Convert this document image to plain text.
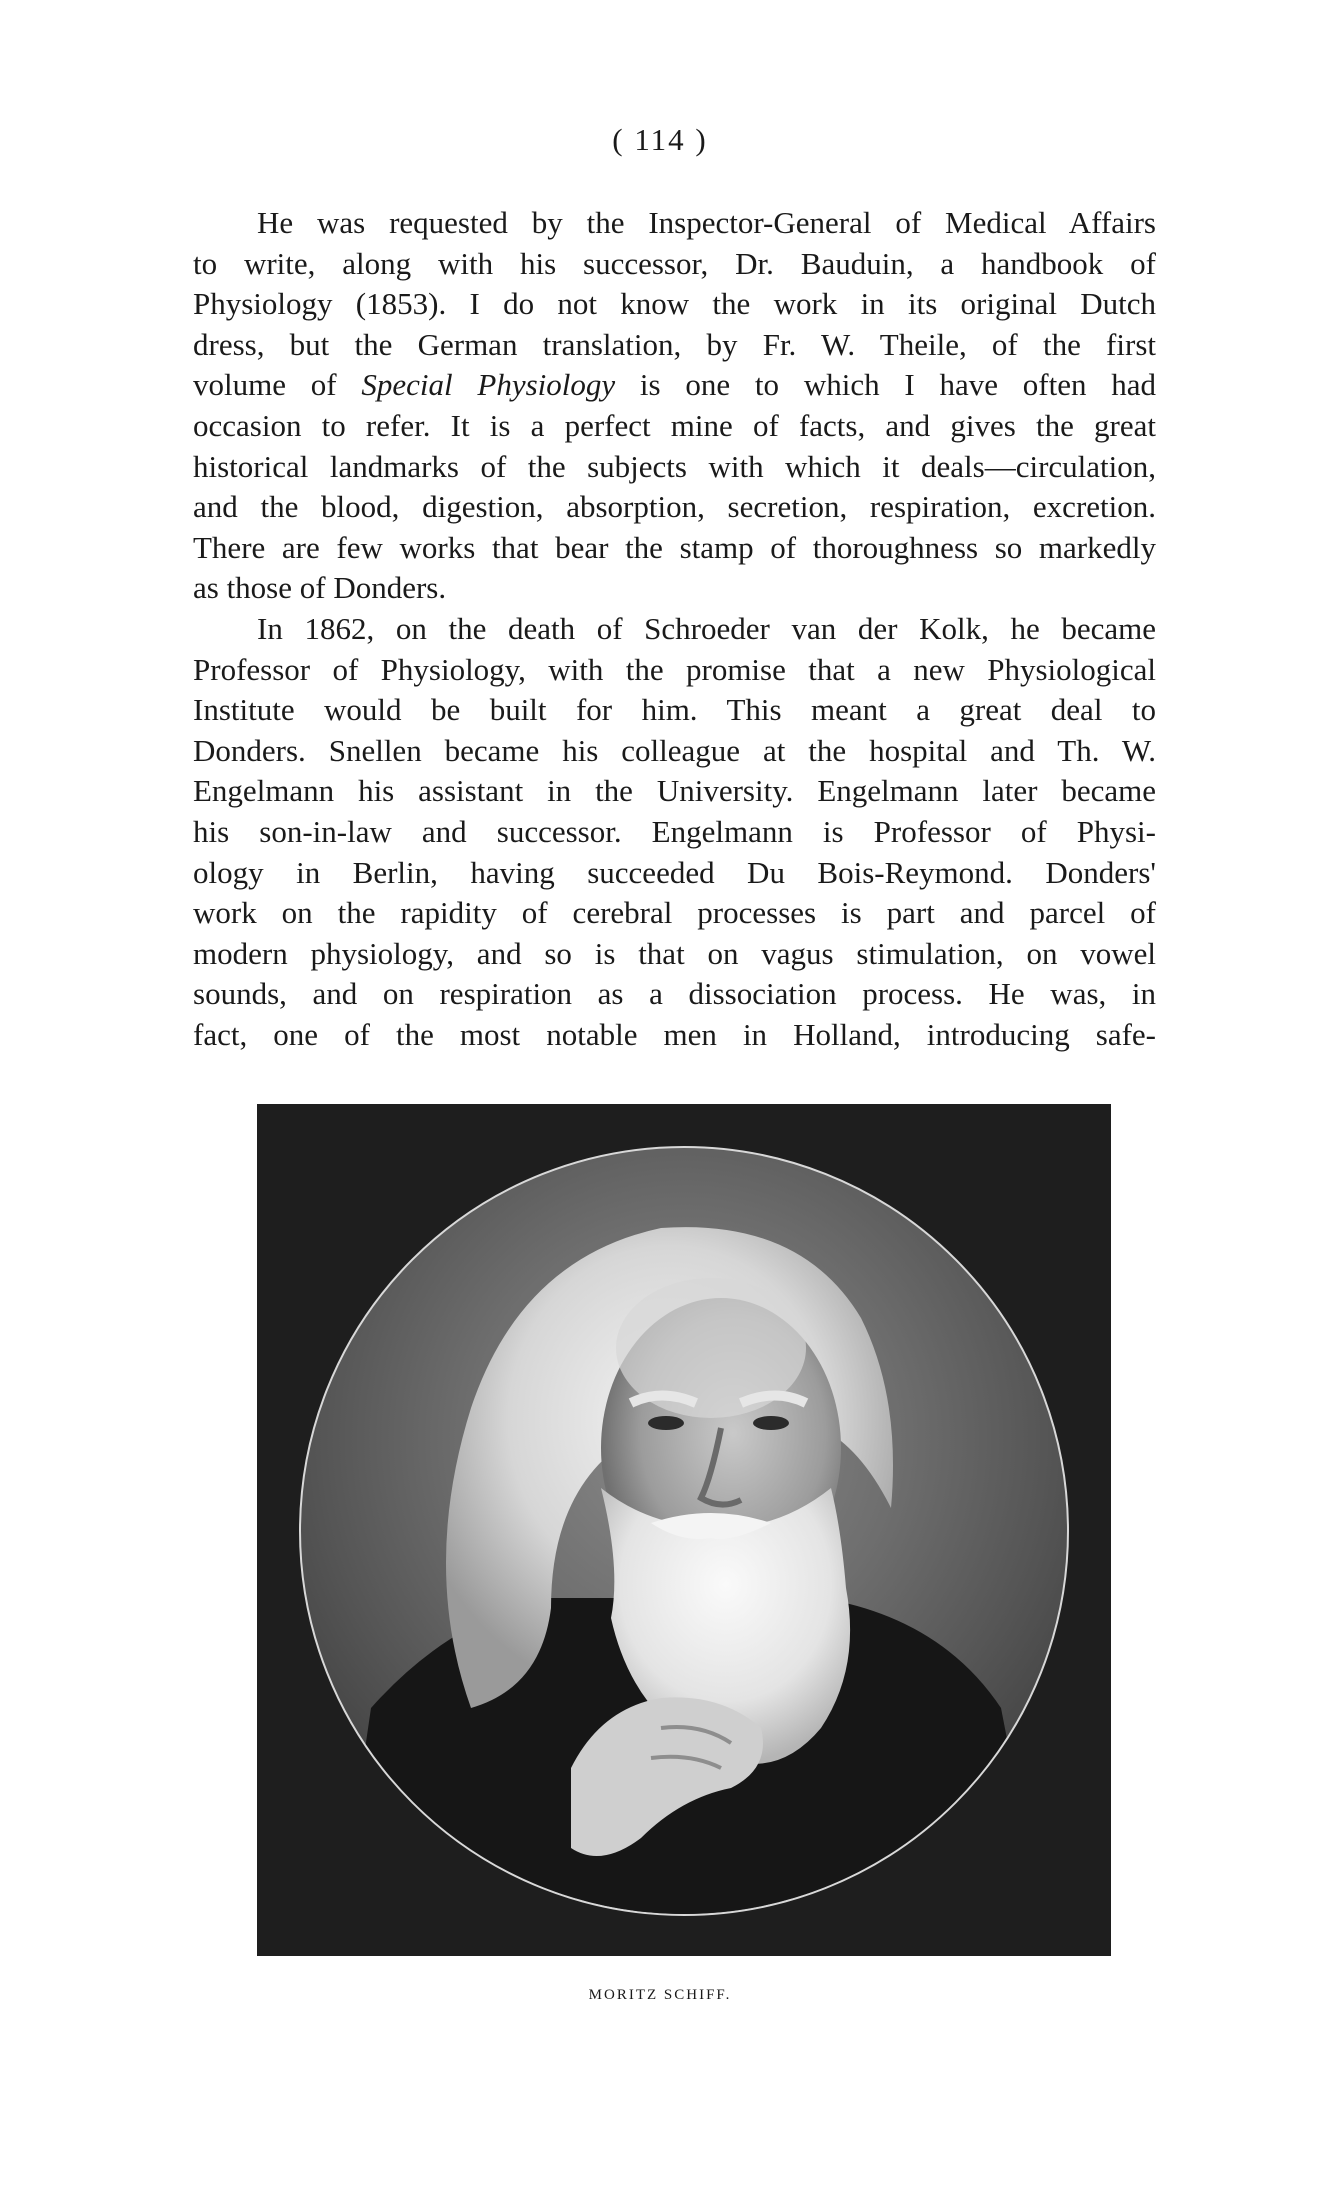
( 114 )
He was requested by the Inspector-General of Medical Affairs
to write, along with his successor, Dr. Bauduin, a handbook of
Physiology (1853). I do not know the work in its original Dutch
dress, but the German translation, by Fr. W. Theile, of the first
volume of Special Physiology is one to which I have often had
occasion to refer. It is a perfect mine of facts, and gives the great
historical landmarks of the subjects with which it deals—circulation,
and the blood, digestion, absorption, secretion, respiration, excretion.
There are few works that bear the stamp of thoroughness so markedly
as those of Donders.
In 1862, on the death of Schroeder van der Kolk, he became
Professor of Physiology, with the promise that a new Physiological
Institute would be built for him. This meant a great deal to
Donders. Snellen became his colleague at the hospital and Th. W.
Engelmann his assistant in the University. Engelmann later became
his son-in-law and successor. Engelmann is Professor of Physi-
ology in Berlin, having succeeded Du Bois-Reymond. Donders'
work on the rapidity of cerebral processes is part and parcel of
modern physiology, and so is that on vagus stimulation, on vowel
sounds, and on respiration as a dissociation process. He was, in
fact, one of the most notable men in Holland, introducing safe-
MORITZ SCHIFF.
